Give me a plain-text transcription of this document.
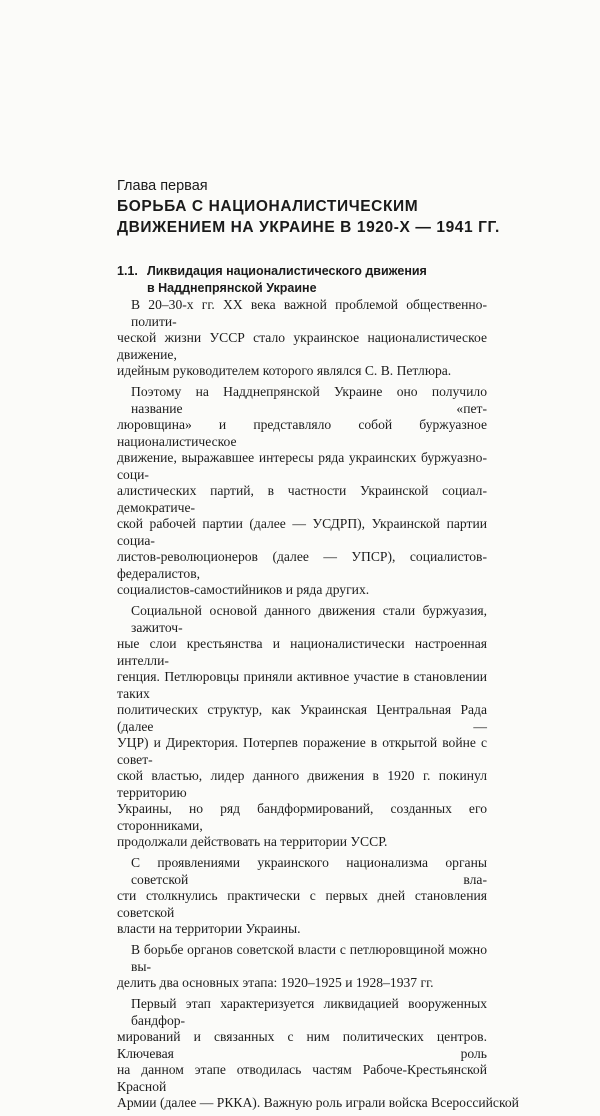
Глава первая
БОРЬБА С НАЦИОНАЛИСТИЧЕСКИМ
ДВИЖЕНИЕМ НА УКРАИНЕ В 1920-Х — 1941 ГГ.
1.1. Ликвидация националистического движения
в Надднепрянской Украине
В 20–30-х гг. XX века важной проблемой общественно-полити-
ческой жизни УССР стало украинское националистическое движение,
идейным руководителем которого являлся С. В. Петлюра.
Поэтому на Надднепрянской Украине оно получило название «пет-
люровщина» и представляло собой буржуазное националистическое
движение, выражавшее интересы ряда украинских буржуазно-соци-
алистических партий, в частности Украинской социал-демократиче-
ской рабочей партии (далее — УСДРП), Украинской партии социа-
листов-революционеров (далее — УПСР), социалистов-федералистов,
социалистов-самостийников и ряда других.
Социальной основой данного движения стали буржуазия, зажиточ-
ные слои крестьянства и националистически настроенная интелли-
генция. Петлюровцы приняли активное участие в становлении таких
политических структур, как Украинская Центральная Рада (далее —
УЦР) и Директория. Потерпев поражение в открытой войне с совет-
ской властью, лидер данного движения в 1920 г. покинул территорию
Украины, но ряд бандформирований, созданных его сторонниками,
продолжали действовать на территории УССР.
С проявлениями украинского национализма органы советской вла-
сти столкнулись практически с первых дней становления советской
власти на территории Украины.
В борьбе органов советской власти с петлюровщиной можно вы-
делить два основных этапа: 1920–1925 и 1928–1937 гг.
Первый этап характеризуется ликвидацией вооруженных бандфор-
мирований и связанных с ним политических центров. Ключевая роль
на данном этапе отводилась частям Рабоче-Крестьянской Красной
Армии (далее — РККА). Важную роль играли войска Всероссийской
